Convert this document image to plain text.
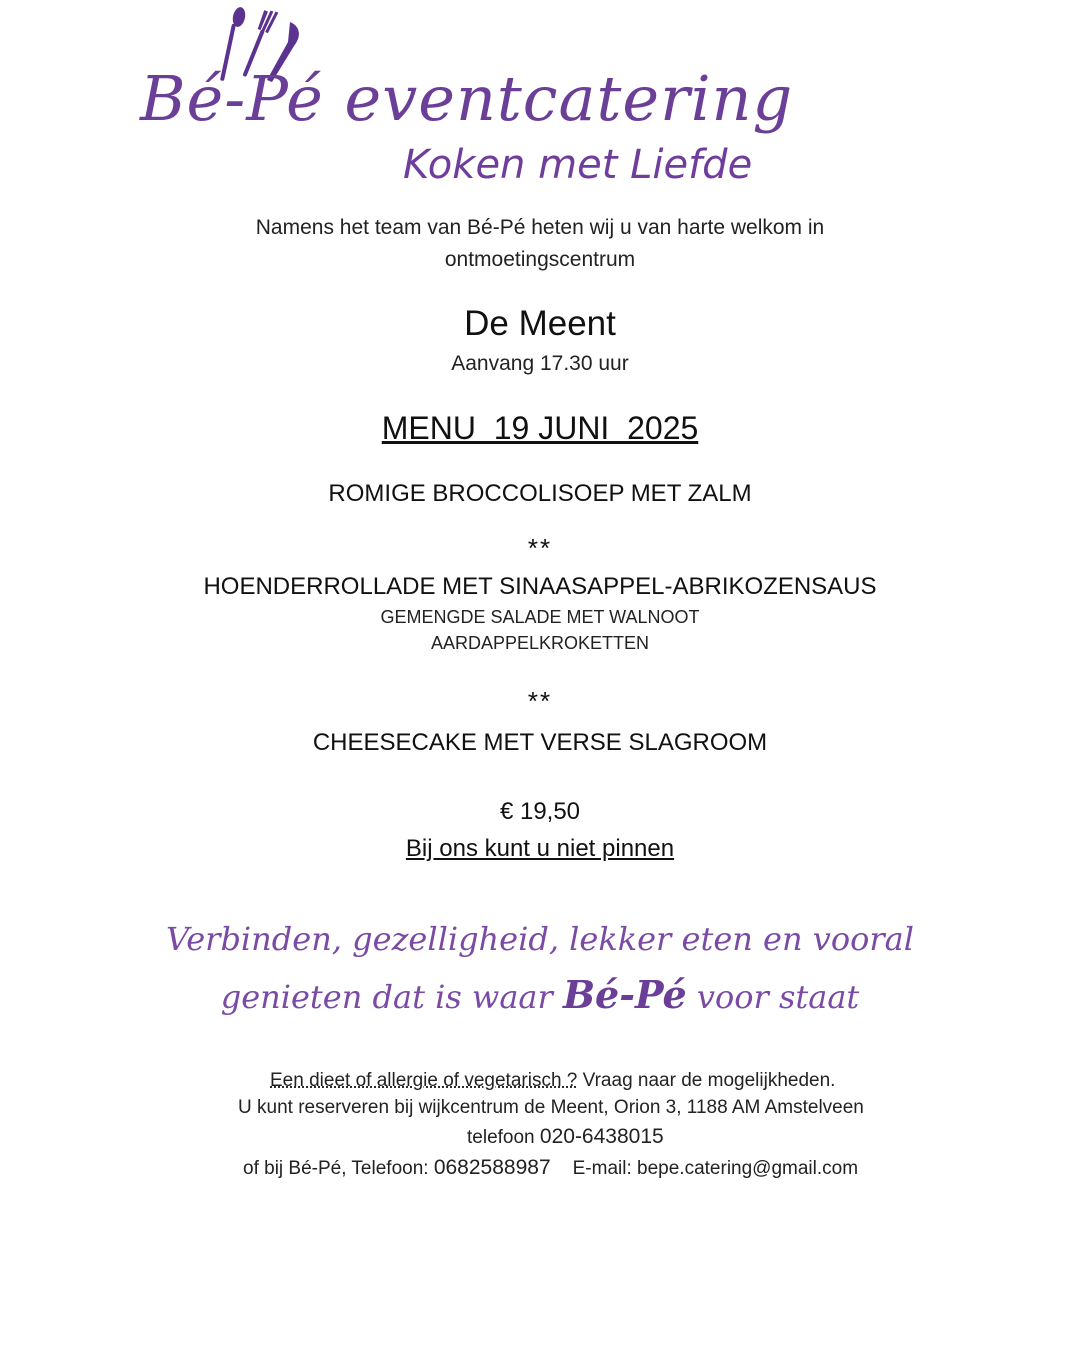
Bé-Pé eventcatering
Koken met Liefde
Namens het team van Bé-Pé heten wij u van harte welkom in
ontmoetingscentrum
De Meent
Aanvang 17.30 uur
MENU  19 JUNI  2025
ROMIGE BROCCOLISOEP MET ZALM
**
HOENDERROLLADE MET SINAASAPPEL-ABRIKOZENSAUS
GEMENGDE SALADE MET WALNOOT
AARDAPPELKROKETTEN
**
CHEESECAKE MET VERSE SLAGROOM
€ 19,50
Bij ons kunt u niet pinnen
Verbinden, gezelligheid, lekker eten en vooral
genieten dat is waar Bé-Pé voor staat
Een dieet of allergie of vegetarisch ? Vraag naar de mogelijkheden.
U kunt reserveren bij wijkcentrum de Meent, Orion 3, 1188 AM Amstelveen
telefoon 020-6438015
of bij Bé-Pé, Telefoon: 0682588987 E-mail: bepe.catering@gmail.com
